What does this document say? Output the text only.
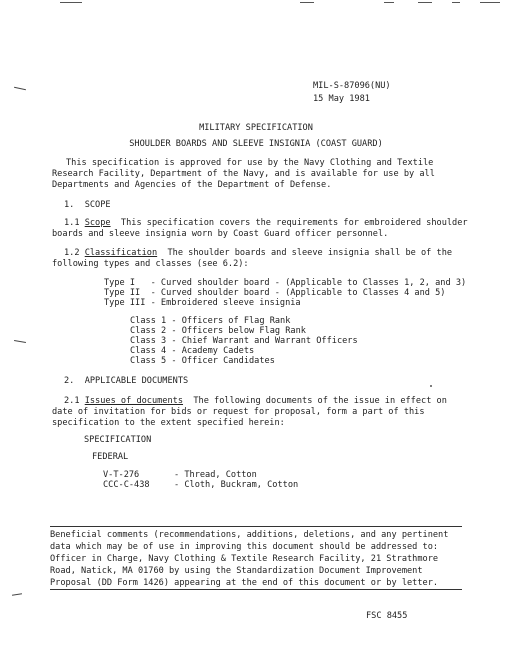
MIL-S-87096(NU)
15 May 1981
MILITARY SPECIFICATION
SHOULDER BOARDS AND SLEEVE INSIGNIA (COAST GUARD)
This specification is approved for use by the Navy Clothing and Textile
Research Facility, Department of the Navy, and is available for use by all
Departments and Agencies of the Department of Defense.
1.  SCOPE
1.1 Scope  This specification covers the requirements for embroidered shoulder
boards and sleeve insignia worn by Coast Guard officer personnel.
1.2 Classification  The shoulder boards and sleeve insignia shall be of the
following types and classes (see 6.2):
Type I   - Curved shoulder board - (Applicable to Classes 1, 2, and 3)
Type II  - Curved shoulder board - (Applicable to Classes 4 and 5)
Type III - Embroidered sleeve insignia
Class 1 - Officers of Flag Rank
Class 2 - Officers below Flag Rank
Class 3 - Chief Warrant and Warrant Officers
Class 4 - Academy Cadets
Class 5 - Officer Candidates
2.  APPLICABLE DOCUMENTS
2.1 Issues of documents  The following documents of the issue in effect on
date of invitation for bids or request for proposal, form a part of this
specification to the extent specified herein:
SPECIFICATION
FEDERAL
V-T-276	- Thread, Cotton
CCC-C-438	- Cloth, Buckram, Cotton
Beneficial comments (recommendations, additions, deletions, and any pertinent
data which may be of use in improving this document should be addressed to:
Officer in Charge, Navy Clothing & Textile Research Facility, 21 Strathmore
Road, Natick, MA 01760 by using the Standardization Document Improvement
Proposal (DD Form 1426) appearing at the end of this document or by letter.
FSC 8455
